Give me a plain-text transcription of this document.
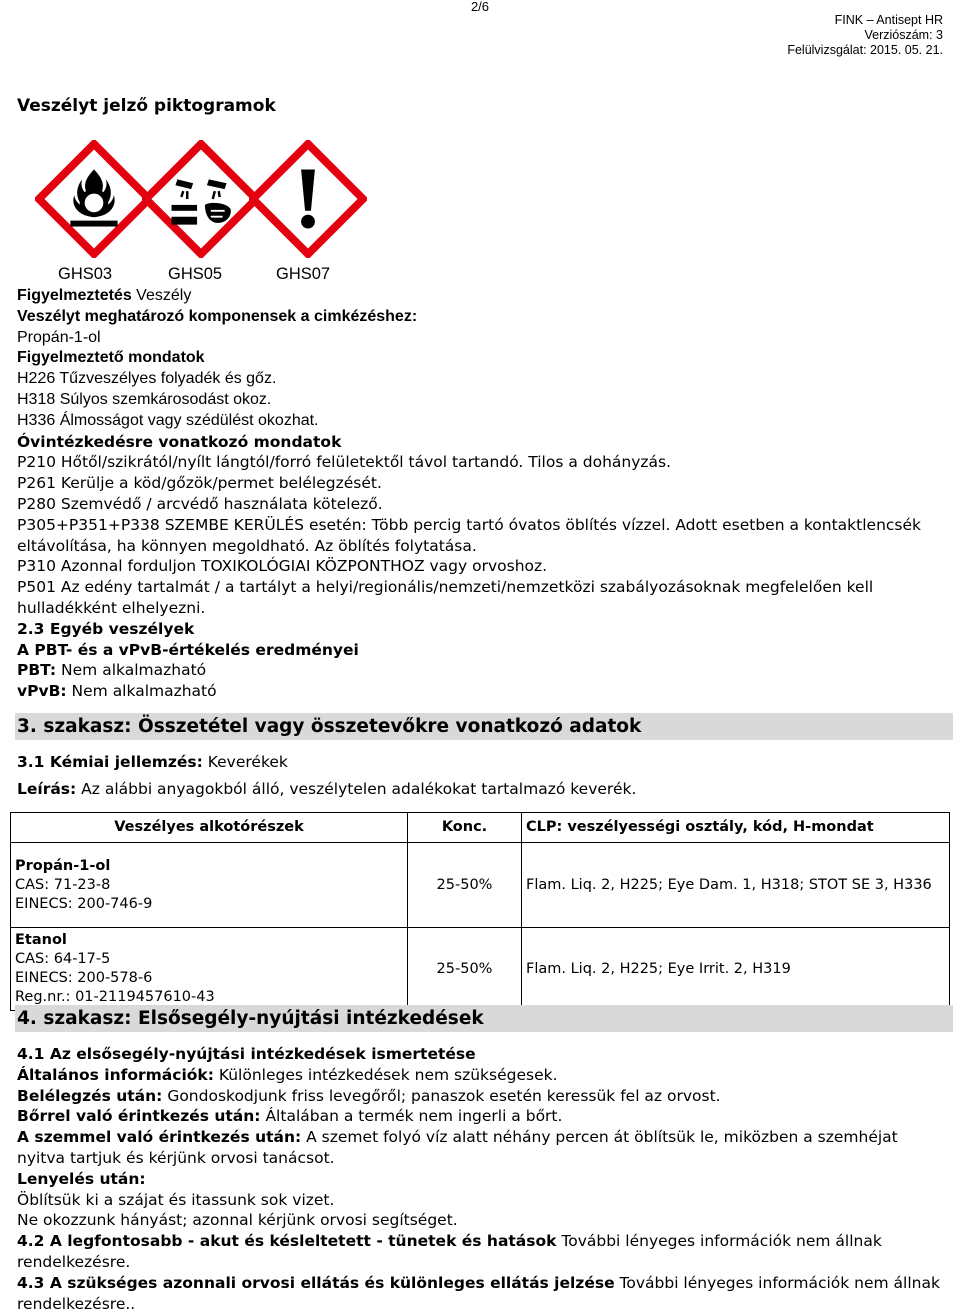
2/6
FINK – Antisept HR
Verziószám: 3
Felülvizsgálat: 2015. 05. 21.
Veszélyt jelző piktogramok
GHS03	GHS05	GHS07
Figyelmeztetés Veszély
Veszélyt meghatározó komponensek a cimkézéshez:
Propán-1-ol
Figyelmeztető mondatok
H226 Tűzveszélyes folyadék és gőz.
H318 Súlyos szemkárosodást okoz.
H336 Álmosságot vagy szédülést okozhat.
Óvintézkedésre vonatkozó mondatok
P210 Hőtől/szikrától/nyílt lángtól/forró felületektől távol tartandó. Tilos a dohányzás.
P261 Kerülje a köd/gőzök/permet belélegzését.
P280 Szemvédő / arcvédő használata kötelező.
P305+P351+P338 SZEMBE KERÜLÉS esetén: Több percig tartó óvatos öblítés vízzel. Adott esetben a kontaktlencsék eltávolítása, ha könnyen megoldható. Az öblítés folytatása.
P310 Azonnal forduljon TOXIKOLÓGIAI KÖZPONTHOZ vagy orvoshoz.
P501 Az edény tartalmát / a tartályt a helyi/regionális/nemzeti/nemzetközi szabályozásoknak megfelelően kell hulladékként elhelyezni.
2.3 Egyéb veszélyek
A PBT- és a vPvB-értékelés eredményei
PBT: Nem alkalmazható
vPvB: Nem alkalmazható
3. szakasz: Összetétel vagy összetevőkre vonatkozó adatok
3.1 Kémiai jellemzés: Keverékek
Leírás: Az alábbi anyagokból álló, veszélytelen adalékokat tartalmazó keverék.
Veszélyes alkotórészek	Konc.	CLP: veszélyességi osztály, kód, H-mondat

Propán-1-ol
CAS: 71-23-8
EINECS: 200-746-9	25-50%	Flam. Liq. 2, H225; Eye Dam. 1, H318; STOT SE 3, H336

Etanol
CAS: 64-17-5
EINECS: 200-578-6
Reg.nr.: 01-2119457610-43	25-50%	Flam. Liq. 2, H225; Eye Irrit. 2, H319
4. szakasz: Elsősegély-nyújtási intézkedések
4.1 Az elsősegély-nyújtási intézkedések ismertetése
Általános információk: Különleges intézkedések nem szükségesek.
Belélegzés után: Gondoskodjunk friss levegőről; panaszok esetén keressük fel az orvost.
Bőrrel való érintkezés után: Általában a termék nem ingerli a bőrt.
A szemmel való érintkezés után: A szemet folyó víz alatt néhány percen át öblítsük le, miközben a szemhéjat nyitva tartjuk és kérjünk orvosi tanácsot.
Lenyelés után:
Öblítsük ki a szájat és itassunk sok vizet.
Ne okozzunk hányást; azonnal kérjünk orvosi segítséget.
4.2 A legfontosabb - akut és késleltetett - tünetek és hatások További lényeges információk nem állnak rendelkezésre.
4.3 A szükséges azonnali orvosi ellátás és különleges ellátás jelzése További lényeges információk nem állnak rendelkezésre..
